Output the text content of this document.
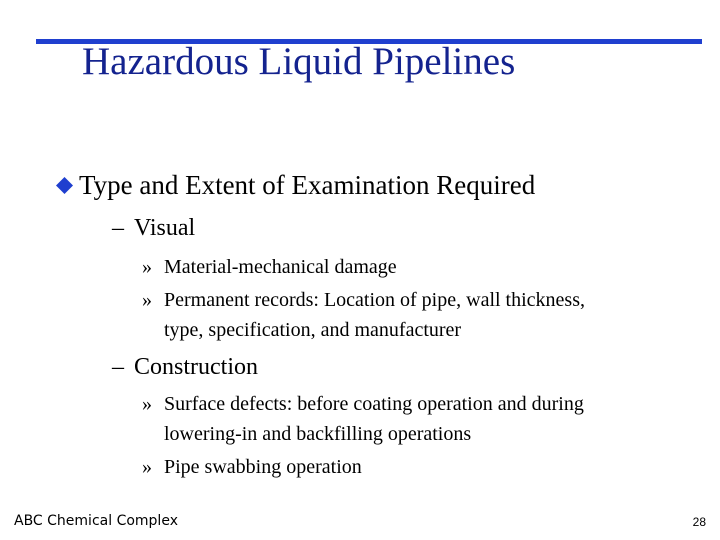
Hazardous Liquid Pipelines
Type and Extent of Examination Required
– Visual
» Material-mechanical damage
» Permanent records: Location of pipe, wall thickness,
type, specification, and manufacturer
– Construction
» Surface defects: before coating operation and during
lowering-in and backfilling operations
» Pipe swabbing operation
ABC Chemical Complex	28
